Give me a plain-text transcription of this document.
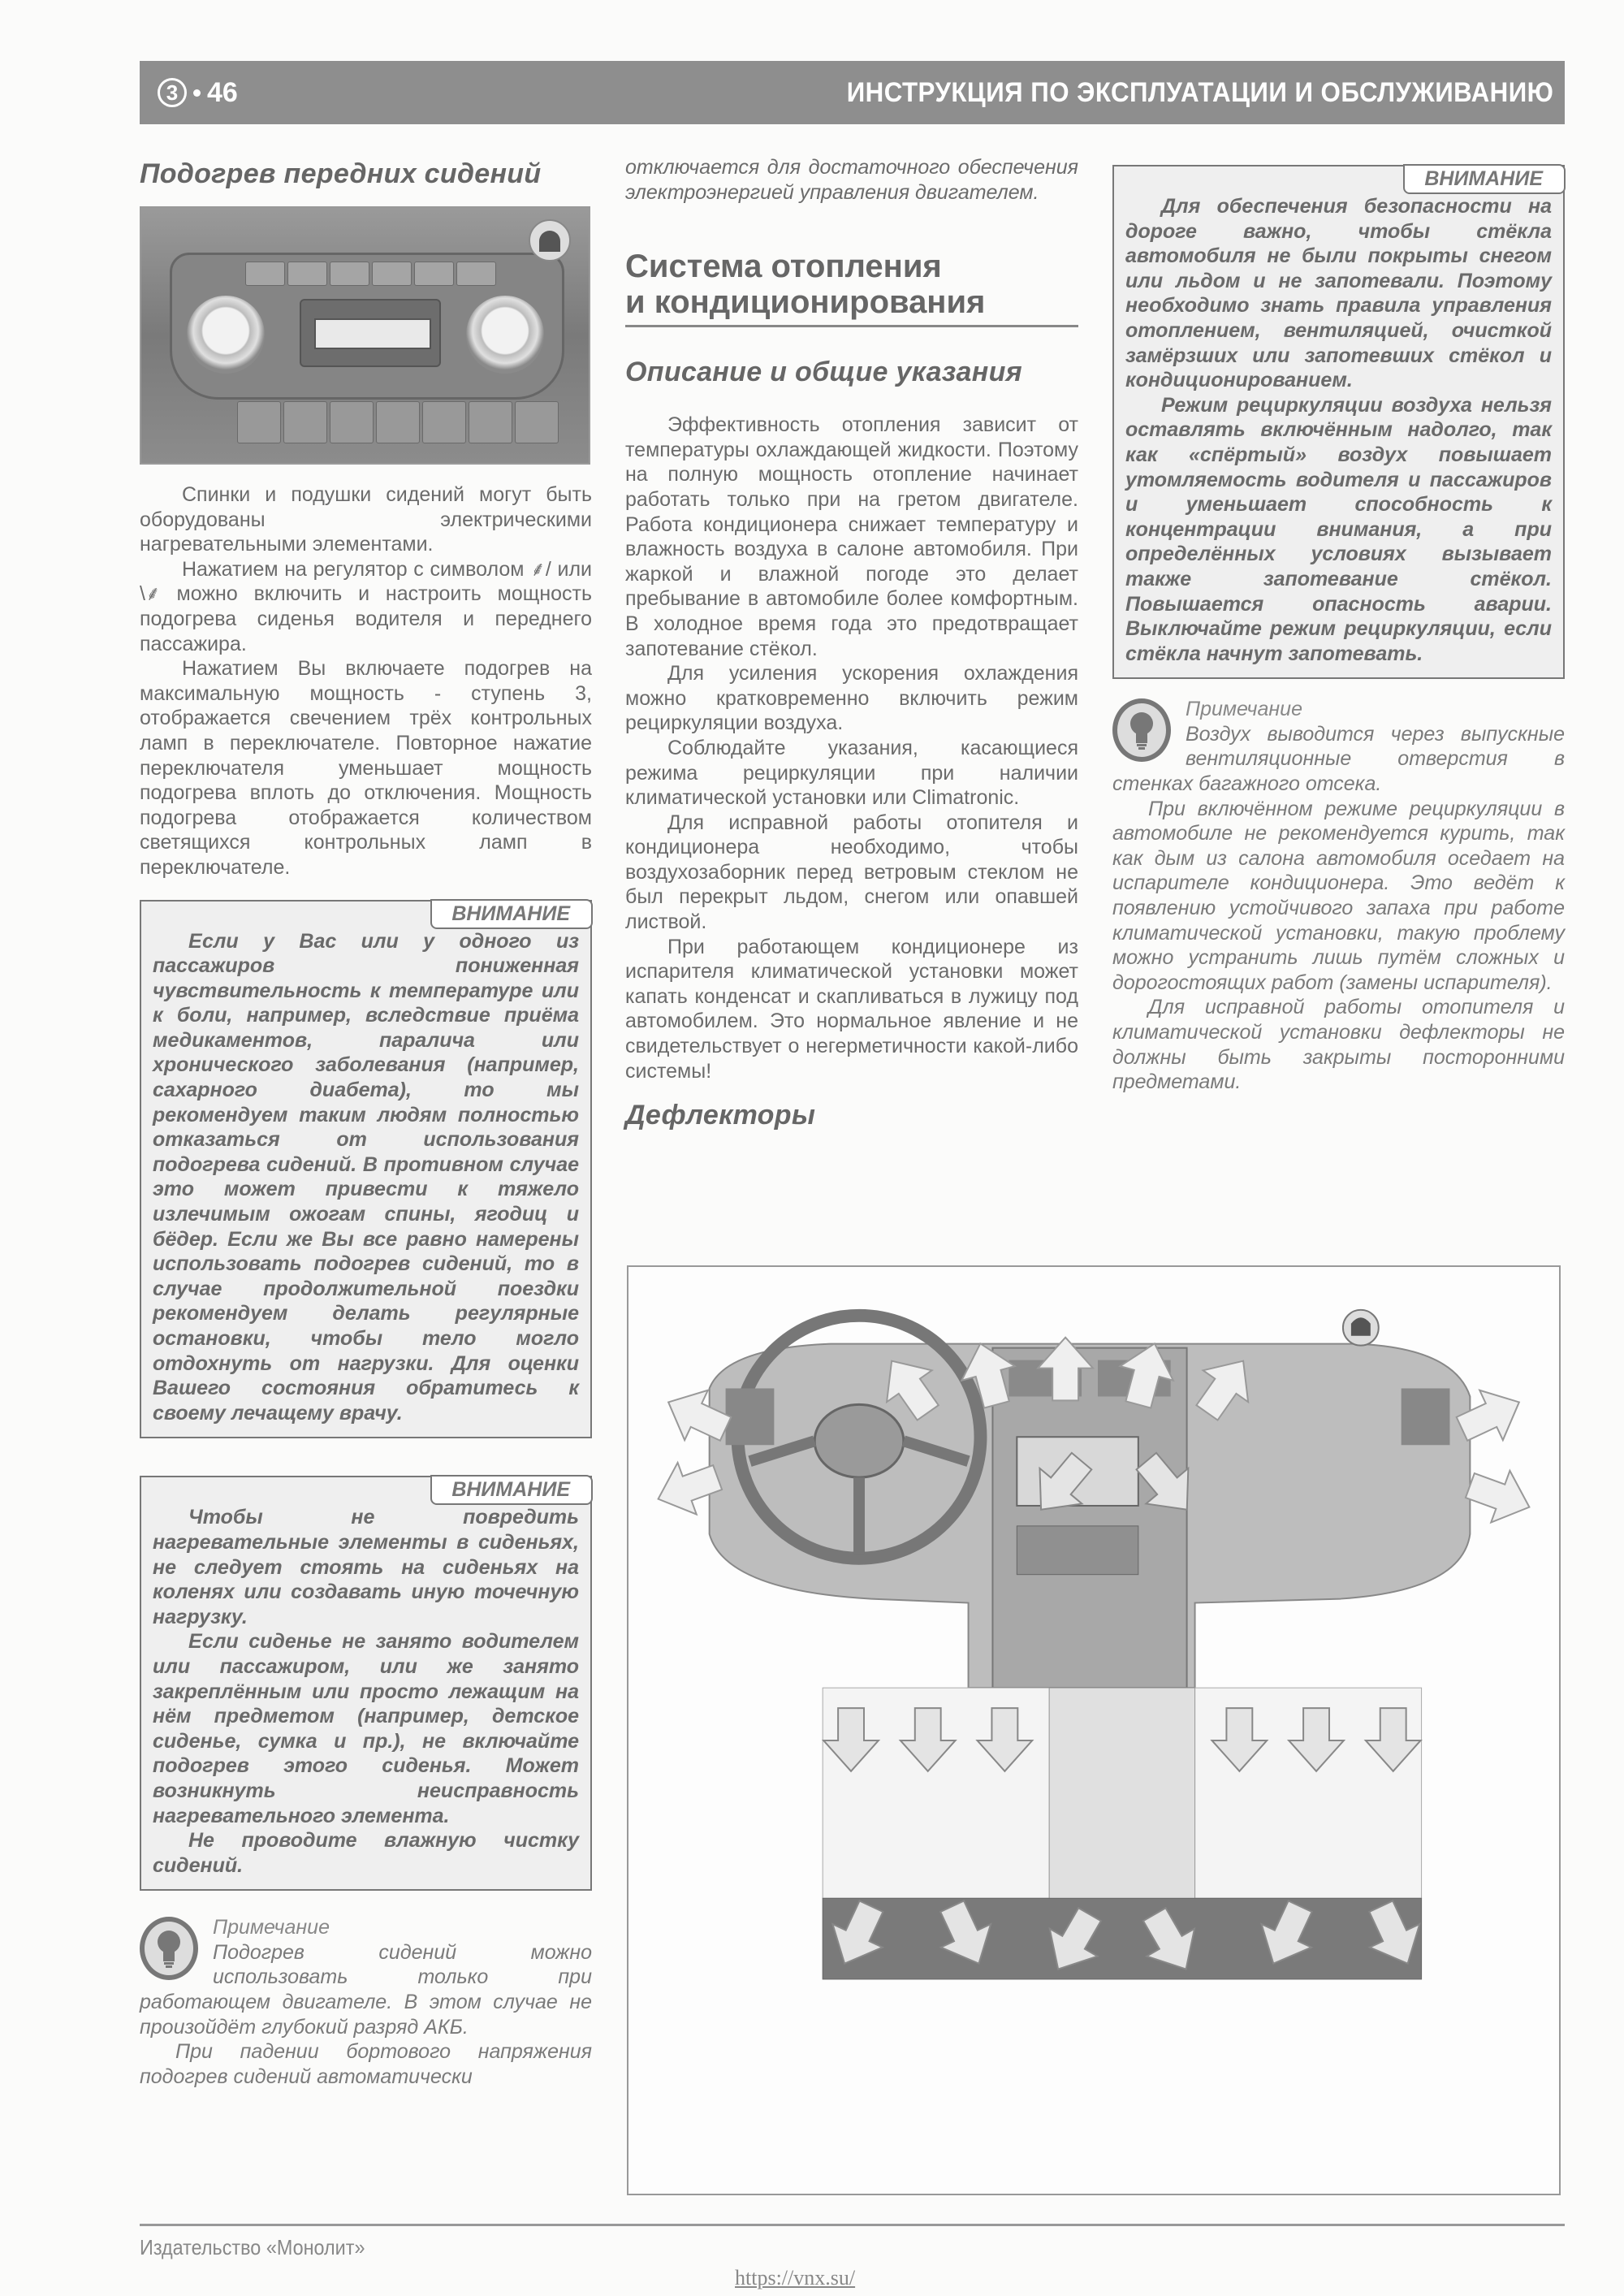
3	46	ИНСТРУКЦИЯ ПО ЭКСПЛУАТАЦИИ И ОБСЛУЖИВАНИЮ
Подогрев передних сидений

Спинки и подушки сидений могут быть оборудованы электрическими нагревательными элементами.

Нажатием на регулятор с символом ⸙/ или \⸙ можно включить и настроить мощность подогрева сиденья водителя и переднего пассажира.

Нажатием Вы включаете подогрев на максимальную мощность - ступень 3, отображается свечением трёх контрольных ламп в переключателе. Повторное нажатие переключателя уменьшает мощность подогрева вплоть до отключения. Мощность подогрева отображается количеством светящихся контрольных ламп в переключателе.

ВНИМАНИЕ

Если у Вас или у одного из пассажиров пониженная чувствительность к температуре или к боли, например, вследствие приёма медикаментов, паралича или хронического заболевания (например, сахарного диабета), то мы рекомендуем таким людям полностью отказаться от использования подогрева сидений. В противном случае это может привести к тяжело излечимым ожогам спины, ягодиц и бёдер. Если же Вы все равно намерены использовать подогрев сидений, то в случае продолжительной поездки рекомендуем делать регулярные остановки, чтобы тело могло отдохнуть от нагрузки. Для оценки Вашего состояния обратитесь к своему лечащему врачу.

ВНИМАНИЕ

Чтобы не повредить нагревательные элементы в сиденьях, не следует стоять на сиденьях на коленях или создавать иную точечную нагрузку.

Если сиденье не занято водителем или пассажиром, или же занято закреплённым или просто лежащим на нём предметом (например, детское сиденье, сумка и пр.), не включайте подогрев этого сиденья. Может возникнуть неисправность нагревательного элемента.

Не проводите влажную чистку сидений.

Примечание

Подогрев сидений можно использовать только при работающем двигателе. В этом случае не произойдёт глубокий разряд АКБ.

При падении бортового напряжения подогрев сидений автоматически

отключается для достаточного обеспечения электроэнергией управления двигателем.

Система отопления
и кондиционирования
Описание и общие указания

Эффективность отопления зависит от температуры охлаждающей жидкости. Поэтому на полную мощность отопление начинает работать только при на гретом двигателе. Работа кондиционера снижает температуру и влажность воздуха в салоне автомобиля. При жаркой и влажной погоде это делает пребывание в автомобиле более комфортным. В холодное время года это предотвращает запотевание стёкол.

Для усиления ускорения охлаждения можно кратковременно включить режим рециркуляции воздуха.

Соблюдайте указания, касающиеся режима рециркуляции при наличии климатической установки или Climatronic.

Для исправной работы отопителя и кондиционера необходимо, чтобы воздухозаборник перед ветровым стеклом не был перекрыт льдом, снегом или опавшей листвой.

При работающем кондиционере из испарителя климатической установки может капать конденсат и скапливаться в лужицу под автомобилем. Это нормальное явление и не свидетельствует о негерметичности какой-либо системы!

Дефлекторы
ВНИМАНИЕ

Для обеспечения безопасности на дороге важно, чтобы стёкла автомобиля не были покрыты снегом или льдом и не запотевали. Поэтому необходимо знать правила управления отоплением, вентиляцией, очисткой замёрзших или запотевших стёкол и кондиционированием.

Режим рециркуляции воздуха нельзя оставлять включённым надолго, так как «спёртый» воздух повышает утомляемость водителя и пассажиров и уменьшает способность к концентрации внимания, а при определённых условиях вызывает также запотевание стёкол. Повышается опасность аварии. Выключайте режим рециркуляции, если стёкла начнут запотевать.

Примечание

Воздух выводится через выпускные вентиляционные отверстия в стенках багажного отсека.

При включённом режиме рециркуляции в автомобиле не рекомендуется курить, так как дым из салона автомобиля оседает на испарителе кондиционера. Это ведёт к появлению устойчивого запаха при работе климатической установки, такую проблему можно устранить лишь путём сложных и дорогостоящих работ (замены испарителя).

Для исправной работы отопителя и климатической установки дефлекторы не должны быть закрыты посторонними предметами.

Издательство «Монолит»
https://vnx.su/
